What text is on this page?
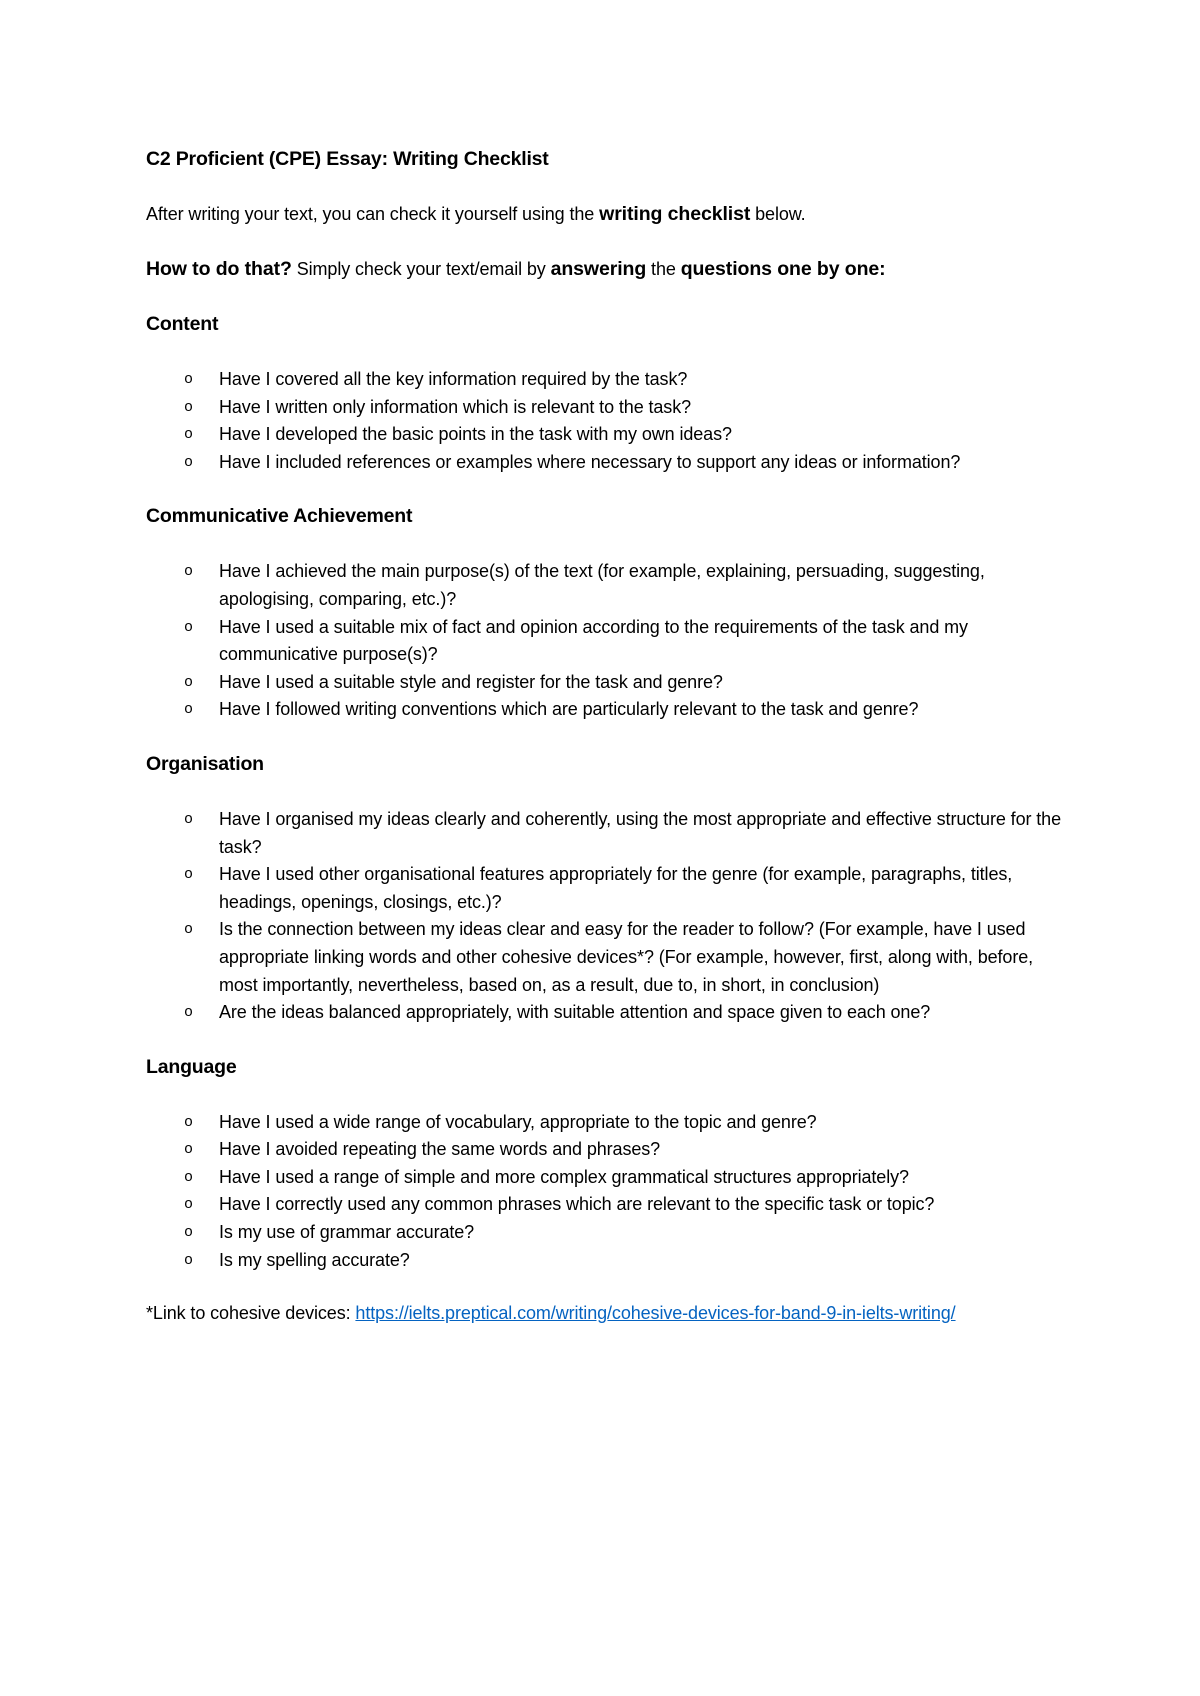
C2 Proficient (CPE) Essay: Writing Checklist

After writing your text, you can check it yourself using the writing checklist below.

How to do that? Simply check your text/email by answering the questions one by one:

Content
o Have I covered all the key information required by the task?
o Have I written only information which is relevant to the task?
o Have I developed the basic points in the task with my own ideas?
o Have I included references or examples where necessary to support any ideas or information?
Communicative Achievement
o Have I achieved the main purpose(s) of the text (for example, explaining, persuading, suggesting, apologising, comparing, etc.)?
o Have I used a suitable mix of fact and opinion according to the requirements of the task and my communicative purpose(s)?
o Have I used a suitable style and register for the task and genre?
o Have I followed writing conventions which are particularly relevant to the task and genre?
Organisation
o Have I organised my ideas clearly and coherently, using the most appropriate and effective structure for the task?
o Have I used other organisational features appropriately for the genre (for example, paragraphs, titles, headings, openings, closings, etc.)?
o Is the connection between my ideas clear and easy for the reader to follow? (For example, have I used appropriate linking words and other cohesive devices*? (For example, however, first, along with, before, most importantly, nevertheless, based on, as a result, due to, in short, in conclusion)
o Are the ideas balanced appropriately, with suitable attention and space given to each one?
Language
o Have I used a wide range of vocabulary, appropriate to the topic and genre?
o Have I avoided repeating the same words and phrases?
o Have I used a range of simple and more complex grammatical structures appropriately?
o Have I correctly used any common phrases which are relevant to the specific task or topic?
o Is my use of grammar accurate?
o Is my spelling accurate?

*Link to cohesive devices: https://ielts.preptical.com/writing/cohesive-devices-for-band-9-in-ielts-writing/
